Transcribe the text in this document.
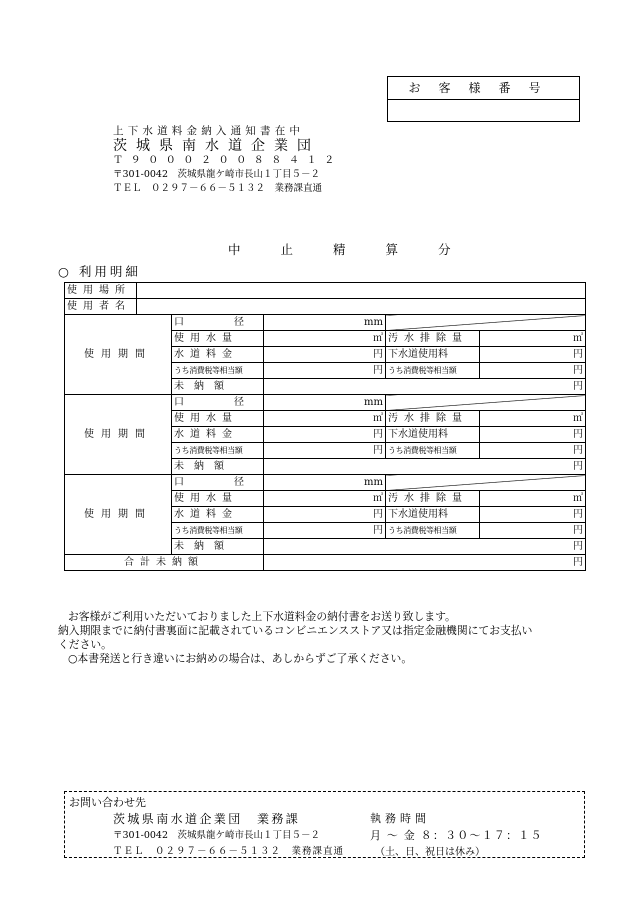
お客様番号
上下水道料金納入通知書在中
茨城県南水道企業団
Ｔ９０００２００８８４１２
〒301-0042　茨城県龍ケ崎市長山１丁目５－２
ＴＥＬ　０２９７－６６－５１３２　業務課直通
中止精算分
○ 利用明細
使用場所					
使用者名					
使用期間		口　　径	mm		
		使用水量	㎥	汚水排除量	㎥
		水道料金	円	下水道使用料	円
		うち消費税等相当額	円	うち消費税等相当額	円
		未納額	円		
使用期間		口　　径	mm		
		使用水量	㎥	汚水排除量	㎥
		水道料金	円	下水道使用料	円
		うち消費税等相当額	円	うち消費税等相当額	円
		未納額	円		
使用期間		口　　径	mm		
		使用水量	㎥	汚水排除量	㎥
		水道料金	円	下水道使用料	円
		うち消費税等相当額	円	うち消費税等相当額	円
		未納額	円		
合計未納額			円		
お客様がご利用いただいておりました上下水道料金の納付書をお送り致します。
納入期限までに納付書裏面に記載されているコンビニエンスストア又は指定金融機関にてお支払い
ください。
○本書発送と行き違いにお納めの場合は、あしからずご了承ください。
お問い合わせ先
茨城県南水道企業団　業務課
〒301-0042　茨城県龍ケ崎市長山１丁目５－２
ＴＥＬ　０２９７－６６－５１３２　業務課直通
執務時間
月 ～ 金 ８：３０～１７：１５
（土、日、祝日は休み）
